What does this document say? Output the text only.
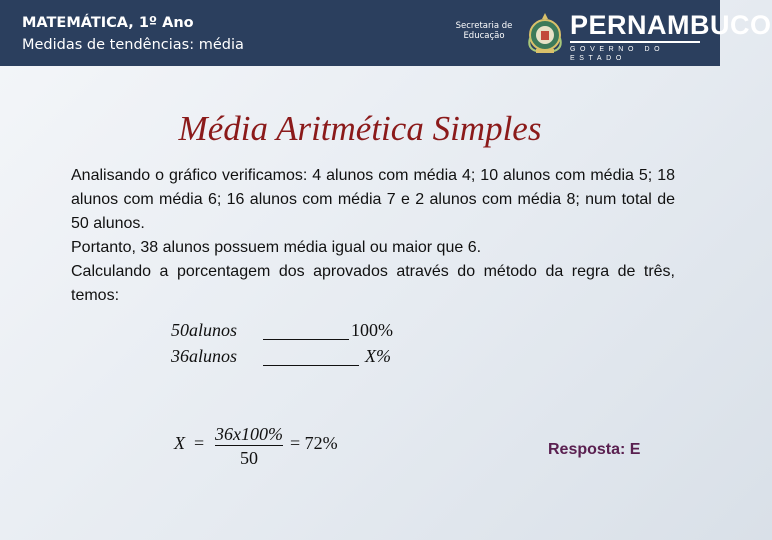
MATEMÁTICA, 1º Ano
Medidas de tendências: média
Secretaria de Educação	PERNAMBUCO
GOVERNO DO ESTADO
Média Aritmética Simples

Analisando o gráfico verificamos: 4 alunos com média 4; 10 alunos com média 5; 18 alunos com média 6; 16 alunos com média 7 e 2 alunos com média 8; num total de 50 alunos.

Portanto, 38 alunos possuem média igual ou maior que 6.

Calculando a porcentagem dos aprovados através do método da regra de três, temos:

50alunos	100%
36alunos	X%
X = 36x100%
50
= 72%	Resposta: E
